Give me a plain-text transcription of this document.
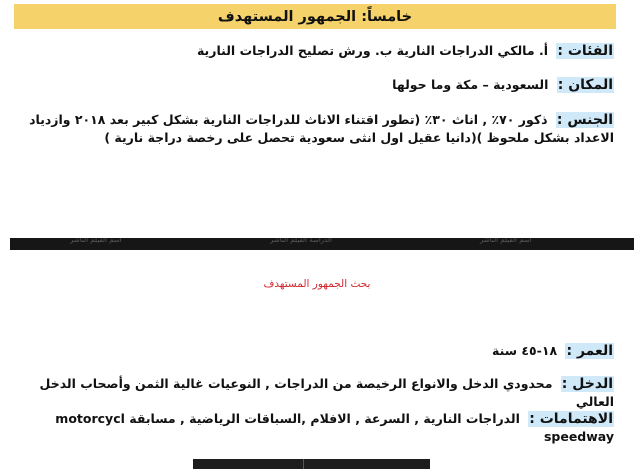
خامساً: الجمهور المستهدف
الفئات : أ. مالكي الدراجات النارية ب. ورش تصليح الدراجات النارية
المكان : السعودية – مكة وما حولها
الجنس : ذكور ٧٠٪ , اناث ٣٠٪ (تطور اقتناء الاناث للدراجات النارية بشكل كبير بعد ٢٠١٨ وازدياد
الاعداد بشكل ملحوظ )(دانيا عقيل اول انثى سعودية تحصل على رخصة دراجة نارية )
اسم الفيلم الناشر	الدراسة الفيلم الناشر	اسم الفيلم الناشر
بحث الجمهور المستهدف
العمر : ١٨-٤٥ سنة
الدخل : محدودي الدخل والانواع الرخيصة من الدراجات , النوعيات غالية الثمن وأصحاب الدخل العالي
الاهتمامات : الدراجات النارية , السرعة , الافلام ,السباقات الرياضية , مسابقة motorcycl speedway
